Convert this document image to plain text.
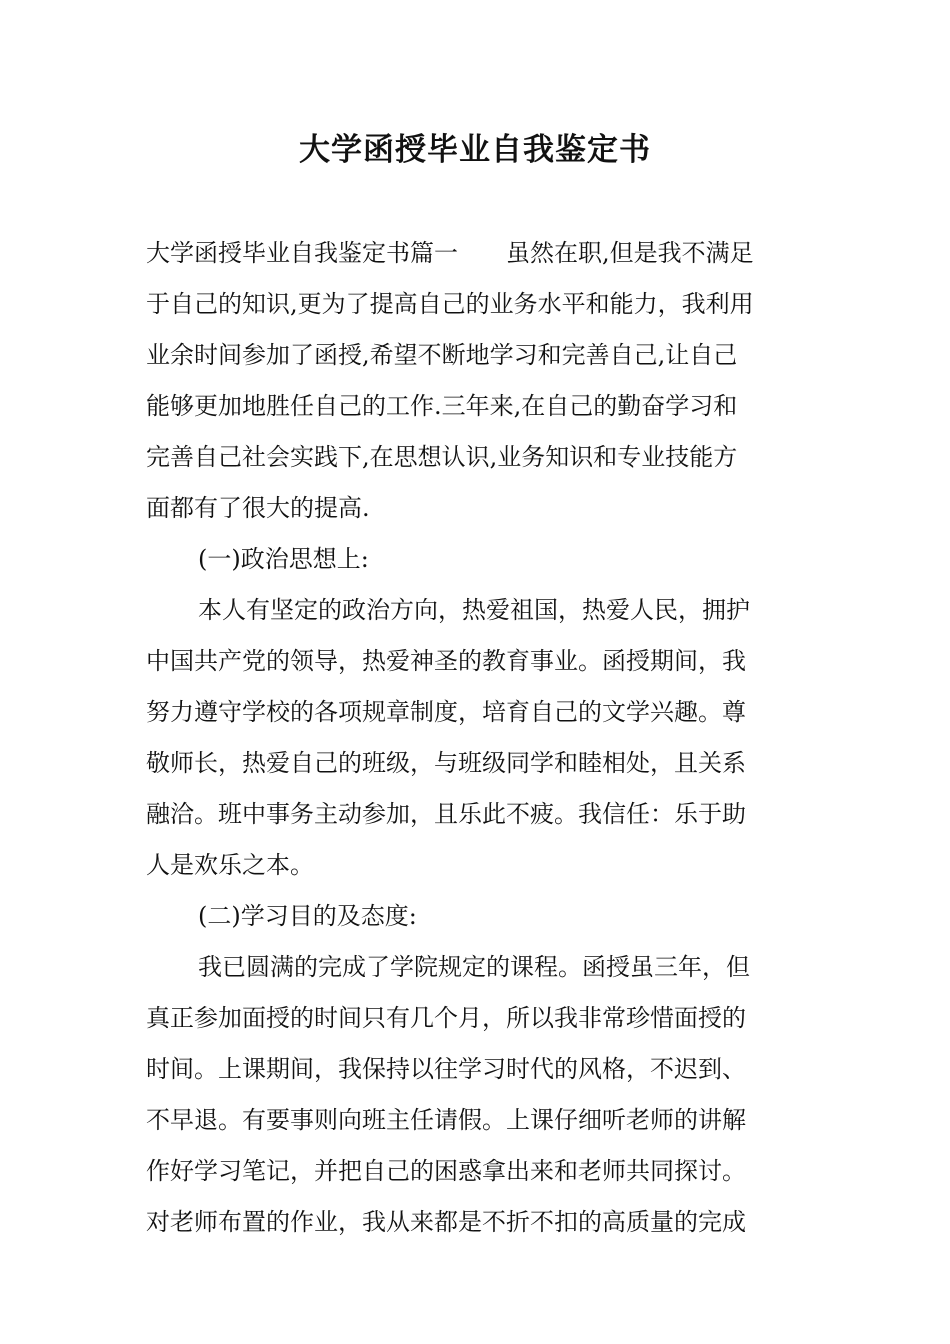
大学函授毕业自我鉴定书
大学函授毕业自我鉴定书篇一　　虽然在职,但是我不满足
于自己的知识,更为了提高自己的业务水平和能力，我利用
业余时间参加了函授,希望不断地学习和完善自己,让自己
能够更加地胜任自己的工作.三年来,在自己的勤奋学习和
完善自己社会实践下,在思想认识,业务知识和专业技能方
面都有了很大的提高.
(一)政治思想上:
本人有坚定的政治方向，热爱祖国，热爱人民，拥护
中国共产党的领导，热爱神圣的教育事业。函授期间，我
努力遵守学校的各项规章制度，培育自己的文学兴趣。尊
敬师长，热爱自己的班级，与班级同学和睦相处，且关系
融洽。班中事务主动参加，且乐此不疲。我信任：乐于助
人是欢乐之本。
(二)学习目的及态度:
我已圆满的完成了学院规定的课程。函授虽三年，但
真正参加面授的时间只有几个月，所以我非常珍惜面授的
时间。上课期间，我保持以往学习时代的风格，不迟到、
不早退。有要事则向班主任请假。上课仔细听老师的讲解
作好学习笔记，并把自己的困惑拿出来和老师共同探讨。
对老师布置的作业，我从来都是不折不扣的高质量的完成
